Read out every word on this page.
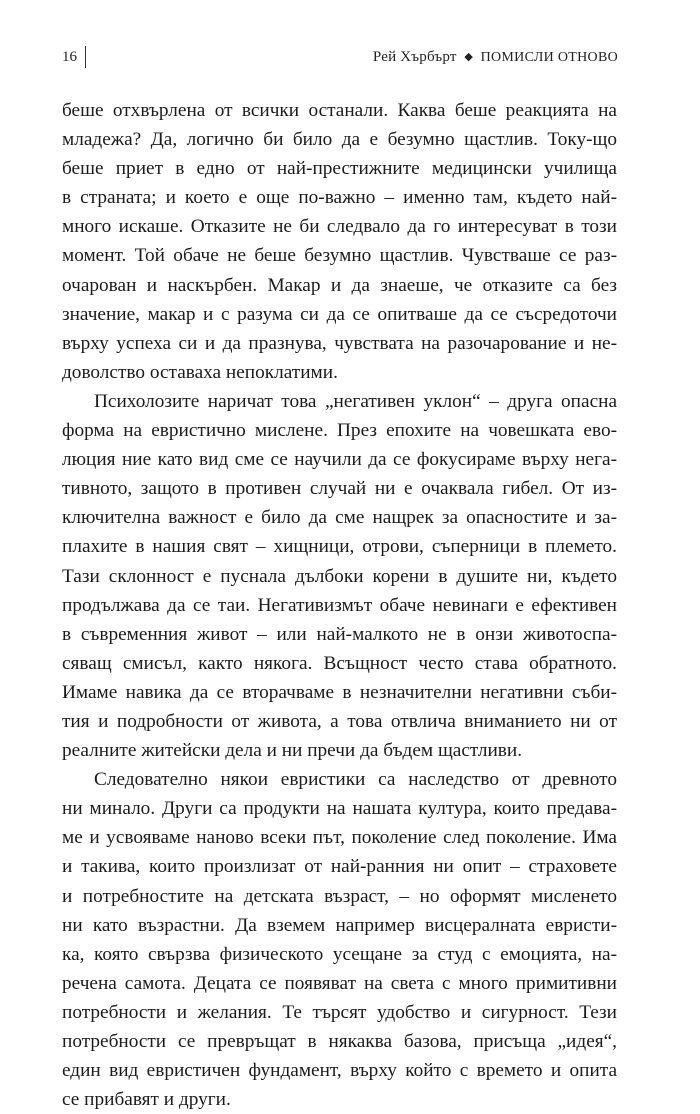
16	Рей Хърбърт ◆ ПОМИСЛИ ОТНОВО
беше отхвърлена от всички останали. Каква беше реакцията на
младежа? Да, логично би било да е безумно щастлив. Току-що
беше приет в едно от най-престижните медицински училища
в страната; и което е още по-важно – именно там, където най-
много искаше. Отказите не би следвало да го интересуват в този
момент. Той обаче не беше безумно щастлив. Чувстваше се раз-
очарован и наскърбен. Макар и да знаеше, че отказите са без
значение, макар и с разума си да се опитваше да се съсредоточи
върху успеха си и да празнува, чувствата на разочарование и не-
доволство оставаха непоклатими.
Психолозите наричат това „негативен уклон“ – друга опасна
форма на евристично мислене. През епохите на човешката ево-
люция ние като вид сме се научили да се фокусираме върху нега-
тивното, защото в противен случай ни е очаквала гибел. От из-
ключителна важност е било да сме нащрек за опасностите и за-
плахите в нашия свят – хищници, отрови, съперници в племето.
Тази склонност е пуснала дълбоки корени в душите ни, където
продължава да се таи. Негативизмът обаче невинаги е ефективен
в съвременния живот – или най-малкото не в онзи животоспа-
сяващ смисъл, както някога. Всъщност често става обратното.
Имаме навика да се вторачваме в незначителни негативни съби-
тия и подробности от живота, а това отвлича вниманието ни от
реалните житейски дела и ни пречи да бъдем щастливи.
Следователно някои евристики са наследство от древното
ни минало. Други са продукти на нашата култура, които предава-
ме и усвояваме наново всеки път, поколение след поколение. Има
и такива, които произлизат от най-ранния ни опит – страховете
и потребностите на детската възраст, – но оформят мисленето
ни като възрастни. Да вземем например висцералната евристи-
ка, която свързва физическото усещане за студ с емоцията, на-
речена самота. Децата се появяват на света с много примитивни
потребности и желания. Те търсят удобство и сигурност. Тези
потребности се превръщат в някаква базова, присъща „идея“,
един вид евристичен фундамент, върху който с времето и опита
се прибавят и други.
